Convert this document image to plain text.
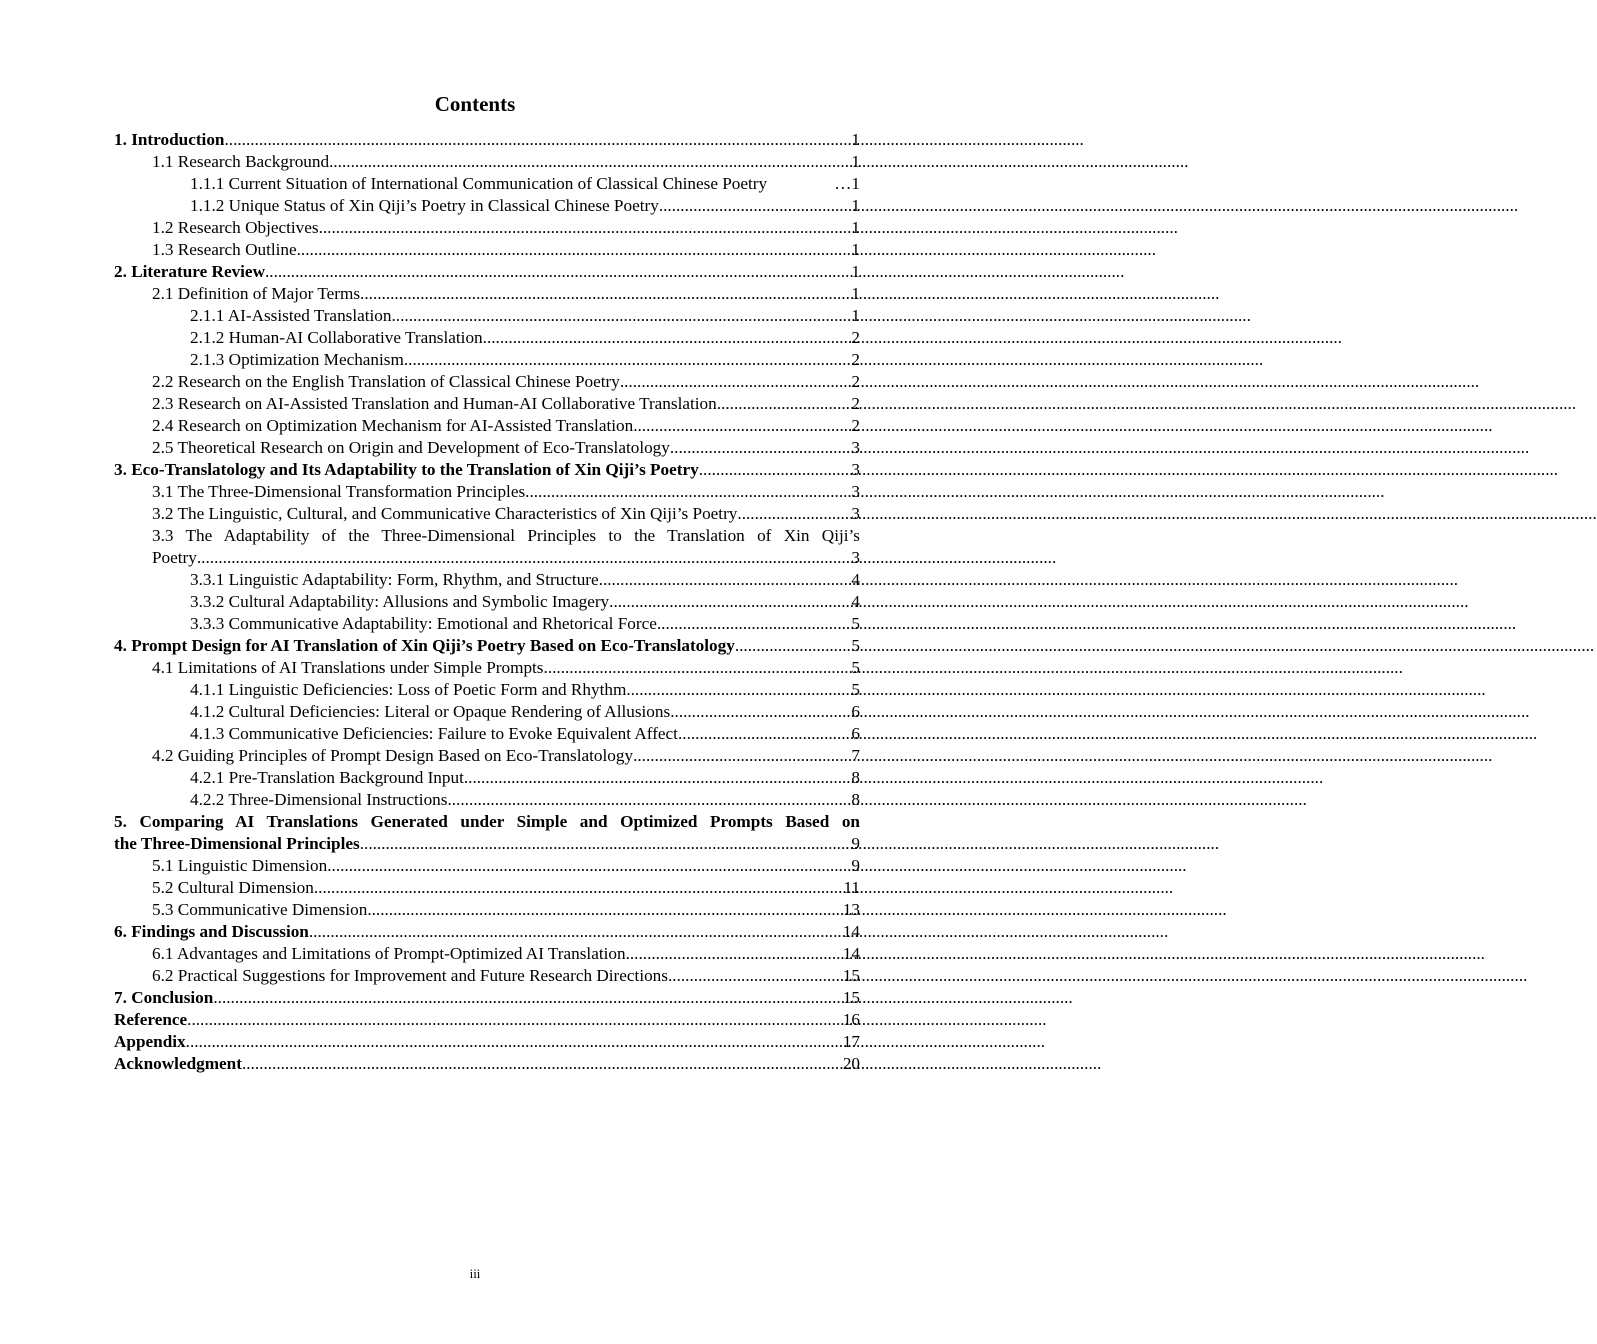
Contents
1. Introduction .....	1
1.1 Research Background .....	1
1.1.1 Current Situation of International Communication of Classical Chinese Poetry	… 1
1.1.2 Unique Status of Xin Qiji’s Poetry in Classical Chinese Poetry .....	1
1.2 Research Objectives .....	1
1.3 Research Outline .....	1
2. Literature Review .....	1
2.1 Definition of Major Terms .....	1
2.1.1 AI-Assisted Translation .....	1
2.1.2 Human-AI Collaborative Translation .....	2
2.1.3 Optimization Mechanism .....	2
2.2 Research on the English Translation of Classical Chinese Poetry .....	2
2.3 Research on AI-Assisted Translation and Human-AI Collaborative Translation .....	2
2.4 Research on Optimization Mechanism for AI-Assisted Translation .....	2
2.5 Theoretical Research on Origin and Development of Eco-Translatology .....	3
3. Eco-Translatology and Its Adaptability to the Translation of Xin Qiji’s Poetry .....	3
3.1 The Three-Dimensional Transformation Principles .....	3
3.2 The Linguistic, Cultural, and Communicative Characteristics of Xin Qiji’s Poetry .....	3
3.3 The Adaptability of the Three-Dimensional Principles to the Translation of Xin Qiji’s
Poetry .....	3
3.3.1 Linguistic Adaptability: Form, Rhythm, and Structure .....	4
3.3.2 Cultural Adaptability: Allusions and Symbolic Imagery .....	4
3.3.3 Communicative Adaptability: Emotional and Rhetorical Force .....	5
4. Prompt Design for AI Translation of Xin Qiji’s Poetry Based on Eco-Translatology .....	5
4.1 Limitations of AI Translations under Simple Prompts .....	5
4.1.1 Linguistic Deficiencies: Loss of Poetic Form and Rhythm .....	5
4.1.2 Cultural Deficiencies: Literal or Opaque Rendering of Allusions .....	6
4.1.3 Communicative Deficiencies: Failure to Evoke Equivalent Affect .....	6
4.2 Guiding Principles of Prompt Design Based on Eco-Translatology .....	7
4.2.1 Pre-Translation Background Input .....	8
4.2.2 Three-Dimensional Instructions .....	8
5. Comparing AI Translations Generated under Simple and Optimized Prompts Based on
the Three-Dimensional Principles .....	9
5.1 Linguistic Dimension .....	9
5.2 Cultural Dimension .....	11
5.3 Communicative Dimension .....	13
6. Findings and Discussion .....	14
6.1 Advantages and Limitations of Prompt-Optimized AI Translation .....	14
6.2 Practical Suggestions for Improvement and Future Research Directions .....	15
7. Conclusion .....	15
Reference .....	16
Appendix .....	17
Acknowledgment .....	20
iii
